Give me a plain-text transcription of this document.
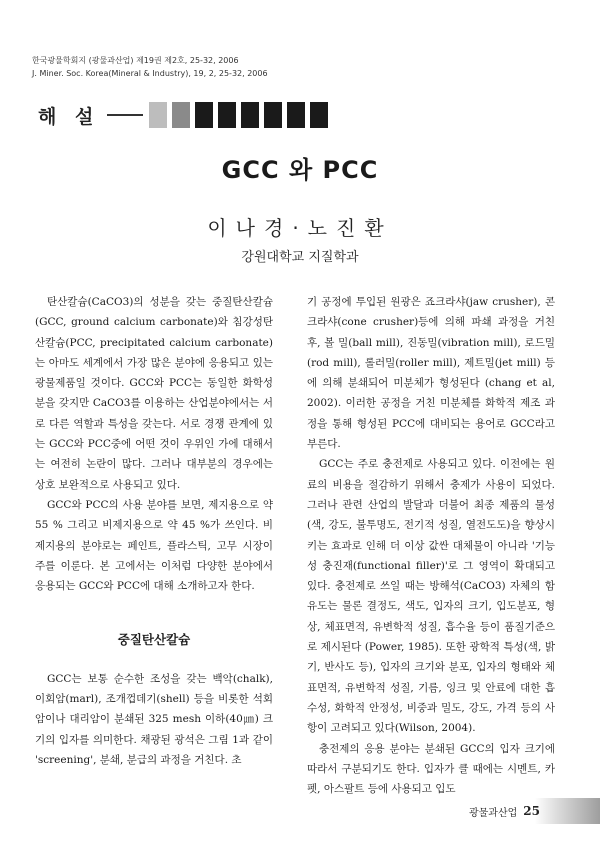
한국광물학회지 (광물과산업) 제19권 제2호, 25-32, 2006
J. Miner. Soc. Korea(Mineral & Industry), 19, 2, 25-32, 2006
해 설
GCC 와 PCC
이나경·노진환
강원대학교 지질학과

탄산칼슘(CaCO3)의 성분을 갖는 중질탄산칼슘(GCC, ground calcium carbonate)와 침강성탄산칼슘(PCC, precipitated calcium carbonate)는 아마도 세계에서 가장 많은 분야에 응용되고 있는 광물제품일 것이다. GCC와 PCC는 동일한 화학성분을 갖지만 CaCO3를 이용하는 산업분야에서는 서로 다른 역할과 특성을 갖는다. 서로 경쟁 관계에 있는 GCC와 PCC중에 어떤 것이 우위인 가에 대해서는 여전히 논란이 많다. 그러나 대부분의 경우에는 상호 보완적으로 사용되고 있다.

GCC와 PCC의 사용 분야를 보면, 제지용으로 약 55 % 그리고 비제지용으로 약 45 %가 쓰인다. 비제지용의 분야로는 페인트, 플라스틱, 고무 시장이 주를 이룬다. 본 고에서는 이처럼 다양한 분야에서 응용되는 GCC와 PCC에 대해 소개하고자 한다.

중질탄산칼슘

GCC는 보통 순수한 조성을 갖는 백악(chalk), 이회암(marl), 조개껍데기(shell) 등을 비롯한 석회암이나 대리암이 분쇄된 325 mesh 이하(40㎛) 크기의 입자를 의미한다. 채광된 광석은 그림 1과 같이 'screening', 분쇄, 분급의 과정을 거친다. 초

기 공정에 투입된 원광은 죠크라샤(jaw crusher), 콘크라샤(cone crusher)등에 의해 파쇄 과정을 거친 후, 볼 밀(ball mill), 진동밀(vibration mill), 로드밀(rod mill), 롤러밀(roller mill), 제트밀(jet mill) 등에 의해 분쇄되어 미분체가 형성된다 (chang et al, 2002). 이러한 공정을 거친 미분체를 화학적 제조 과정을 통해 형성된 PCC에 대비되는 용어로 GCC라고 부른다.

GCC는 주로 충전제로 사용되고 있다. 이전에는 원료의 비용을 절감하기 위해서 충제가 사용이 되었다. 그러나 관련 산업의 발달과 더불어 최종 제품의 물성(색, 강도, 불투명도, 전기적 성질, 열전도도)을 향상시키는 효과로 인해 더 이상 값싼 대체물이 아니라 '기능성 충진재(functional filler)'로 그 영역이 확대되고 있다. 충전제로 쓰일 때는 방해석(CaCO3) 자체의 함유도는 물론 결정도, 색도, 입자의 크기, 입도분포, 형상, 체표면적, 유변학적 성질, 흡수율 등이 품질기준으로 제시된다 (Power, 1985). 또한 광학적 특성(색, 밝기, 반사도 등), 입자의 크기와 분포, 입자의 형태와 체표면적, 유변학적 성질, 기름, 잉크 및 안료에 대한 흡수성, 화학적 안정성, 비중과 밀도, 강도, 가격 등의 사항이 고려되고 있다(Wilson, 2004).

충전제의 응용 분야는 분쇄된 GCC의 입자 크기에 따라서 구분되기도 한다. 입자가 클 때에는 시멘트, 카펫, 아스팔트 등에 사용되고 입도

광물과산업 25
